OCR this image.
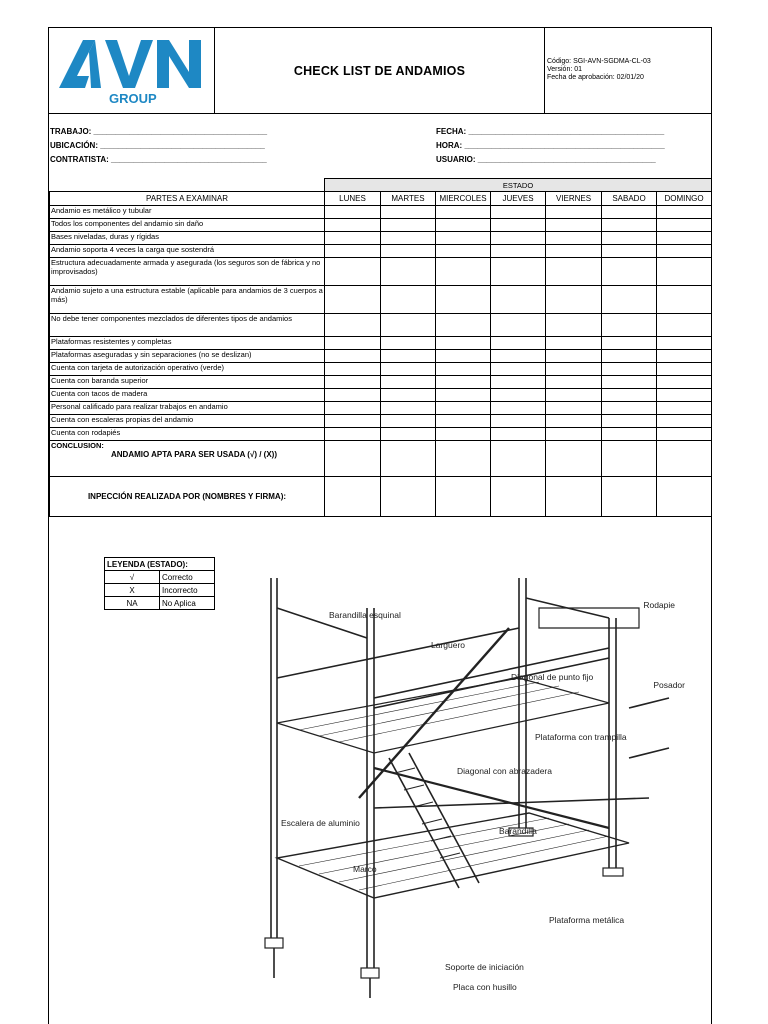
GROUP
CHECK LIST DE ANDAMIOS
Código: SGI-AVN-SGDMA-CL-03
Versión: 01
Fecha de aprobación: 02/01/20
TRABAJO: _______________________________________
UBICACIÓN: _____________________________________
CONTRATISTA: ___________________________________
FECHA: ____________________________________________
HORA: _____________________________________________
USUARIO: ________________________________________
	ESTADO						
PARTES A EXAMINAR	LUNES	MARTES	MIERCOLES	JUEVES	VIERNES	SABADO	DOMINGO
Andamio es metálico y tubular							
Todos los componentes del andamio sin daño							
Bases niveladas, duras y rígidas							
Andamio soporta 4 veces la carga que sostendrá							
Estructura adecuadamente armada y asegurada (los seguros son de fábrica y no improvisados)							
Andamio sujeto a una estructura estable (aplicable para andamios de 3 cuerpos a más)							
No debe tener componentes mezclados de diferentes tipos de andamios							
Plataformas resistentes y completas							
Plataformas aseguradas y sin separaciones (no se deslizan)							
Cuenta con tarjeta de autorización operativo (verde)							
Cuenta con baranda superior							
Cuenta con tacos de madera							
Personal calificado para realizar trabajos en andamio							
Cuenta con escaleras propias del andamio							
Cuenta con rodapiés							

CONCLUSION:
ANDAMIO APTA PARA SER USADA (√) / (X))							

INPECCIÓN REALIZADA POR (NOMBRES Y FIRMA):							
LEYENDA (ESTADO):	
√	Correcto
X	Incorrecto
NA	No Aplica
Barandilla esquinal
Larguero
Rodapie
Diagonal de punto fijo
Posador
Plataforma con trampilla
Diagonal con abrazadera
Escalera de aluminio
Barandilla
Marco
Plataforma metálica
Soporte de iniciación
Placa con husillo
